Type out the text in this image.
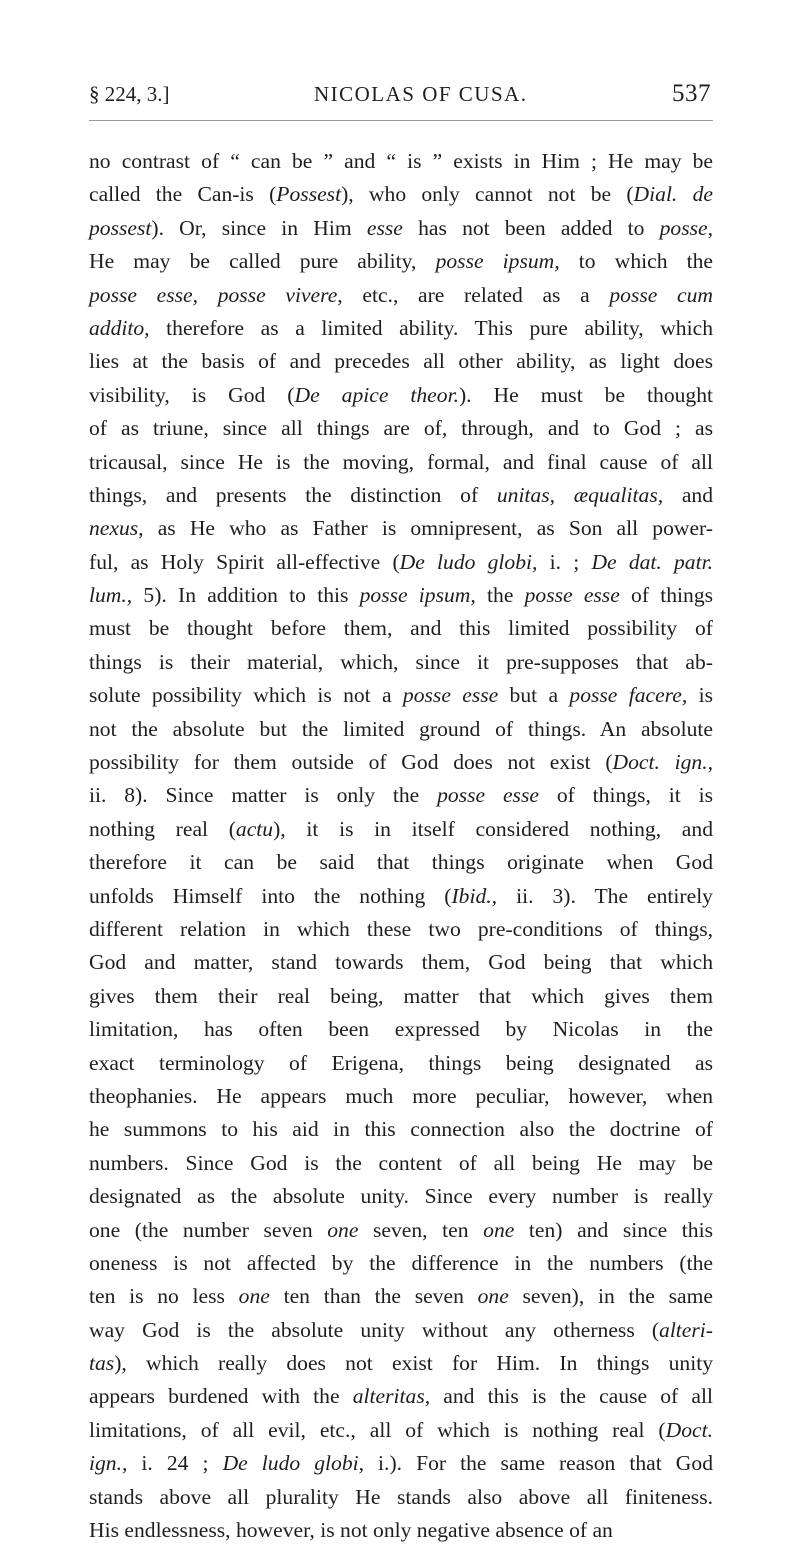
§ 224, 3.]	NICOLAS OF CUSA.	537
no contrast of “ can be ” and “ is ” exists in Him ; He may be
called the Can-is (Possest), who only cannot not be (Dial. de
possest). Or, since in Him esse has not been added to posse,
He may be called pure ability, posse ipsum, to which the
posse esse, posse vivere, etc., are related as a posse cum
addito, therefore as a limited ability. This pure ability, which
lies at the basis of and precedes all other ability, as light does
visibility, is God (De apice theor.). He must be thought
of as triune, since all things are of, through, and to God ; as
tricausal, since He is the moving, formal, and final cause of all
things, and presents the distinction of unitas, æqualitas, and
nexus, as He who as Father is omnipresent, as Son all power-
ful, as Holy Spirit all-effective (De ludo globi, i. ; De dat. patr.
lum., 5). In addition to this posse ipsum, the posse esse of things
must be thought before them, and this limited possibility of
things is their material, which, since it pre-supposes that ab-
solute possibility which is not a posse esse but a posse facere, is
not the absolute but the limited ground of things. An absolute
possibility for them outside of God does not exist (Doct. ign.,
ii. 8). Since matter is only the posse esse of things, it is
nothing real (actu), it is in itself considered nothing, and
therefore it can be said that things originate when God
unfolds Himself into the nothing (Ibid., ii. 3). The entirely
different relation in which these two pre-conditions of things,
God and matter, stand towards them, God being that which
gives them their real being, matter that which gives them
limitation, has often been expressed by Nicolas in the
exact terminology of Erigena, things being designated as
theophanies. He appears much more peculiar, however, when
he summons to his aid in this connection also the doctrine of
numbers. Since God is the content of all being He may be
designated as the absolute unity. Since every number is really
one (the number seven one seven, ten one ten) and since this
oneness is not affected by the difference in the numbers (the
ten is no less one ten than the seven one seven), in the same
way God is the absolute unity without any otherness (alteri-
tas), which really does not exist for Him. In things unity
appears burdened with the alteritas, and this is the cause of all
limitations, of all evil, etc., all of which is nothing real (Doct.
ign., i. 24 ; De ludo globi, i.). For the same reason that God
stands above all plurality He stands also above all finiteness.
His endlessness, however, is not only negative absence of an
